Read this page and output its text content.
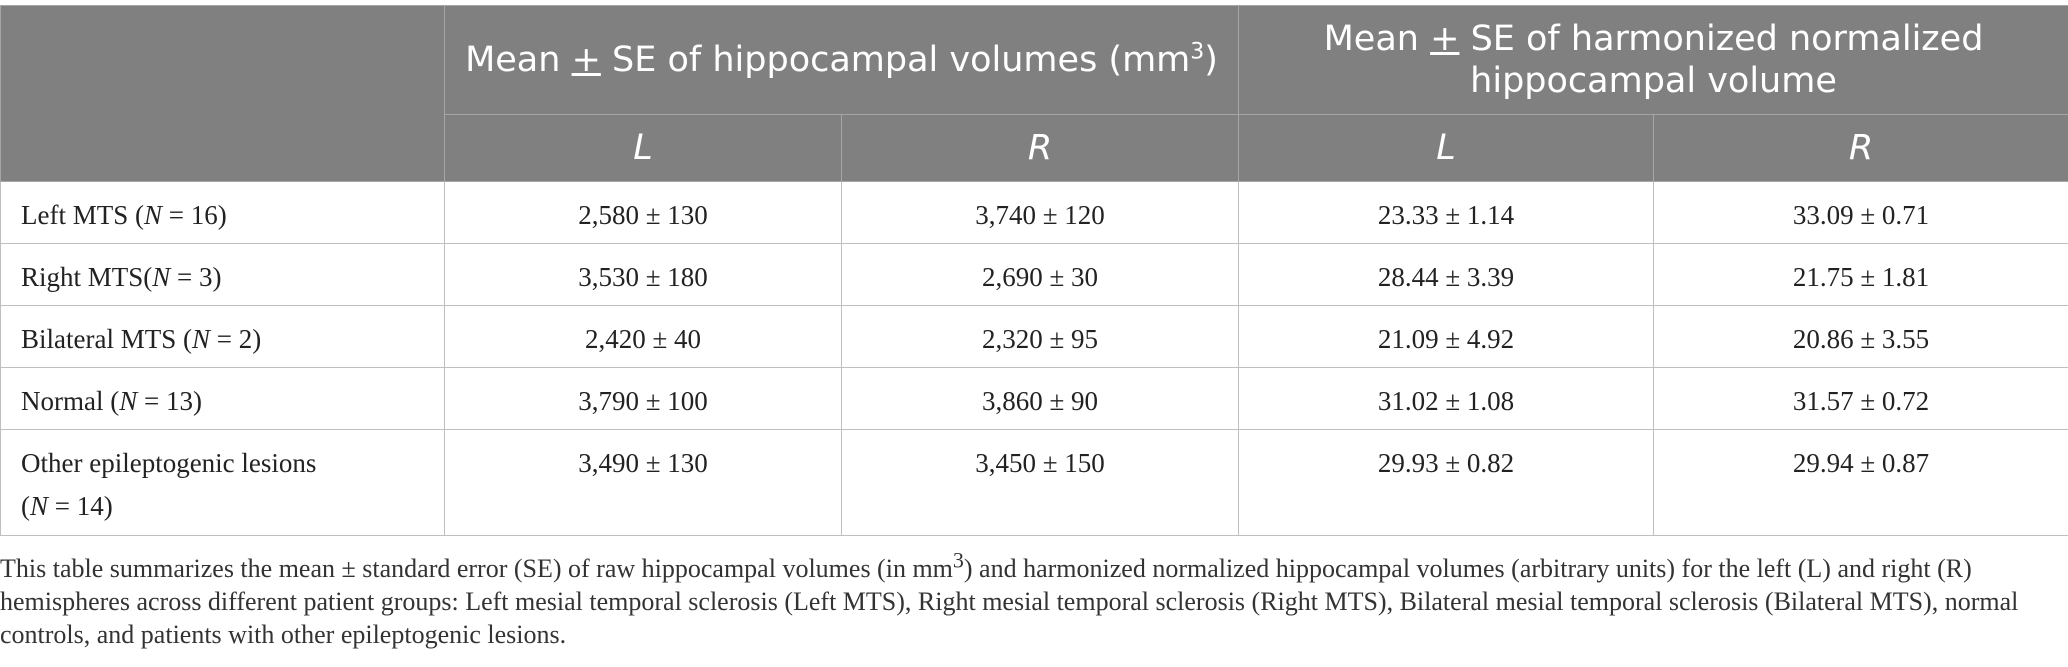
	Mean + SE of hippocampal volumes $(mm^3)$		Mean + SE of harmonized normalized
hippocampal volume	
	L	R	L	R
Left MTS (N = 16)	2,580 ± 130	3,740 ± 120	23.33 ± 1.14	33.09 ± 0.71
Right MTS(N = 3)	3,530 ± 180	2,690 ± 30	28.44 ± 3.39	21.75 ± 1.81
Bilateral MTS (N = 2)	2,420 ± 40	2,320 ± 95	21.09 ± 4.92	20.86 ± 3.55
Normal (N = 13)	3,790 ± 100	3,860 ± 90	31.02 ± 1.08	31.57 ± 0.72
Other epileptogenic lesions
(N = 14)	3,490 ± 130	3,450 ± 150	29.93 ± 0.82	29.94 ± 0.87
This table summarizes the mean ± standard error (SE) of raw hippocampal volumes (in $mm^3$) and harmonized normalized hippocampal volumes (arbitrary units) for the left (L) and right (R) hemispheres across different patient groups: Left mesial temporal sclerosis (Left MTS), Right mesial temporal sclerosis (Right MTS), Bilateral mesial temporal sclerosis (Bilateral MTS), normal controls, and patients with other epileptogenic lesions.
